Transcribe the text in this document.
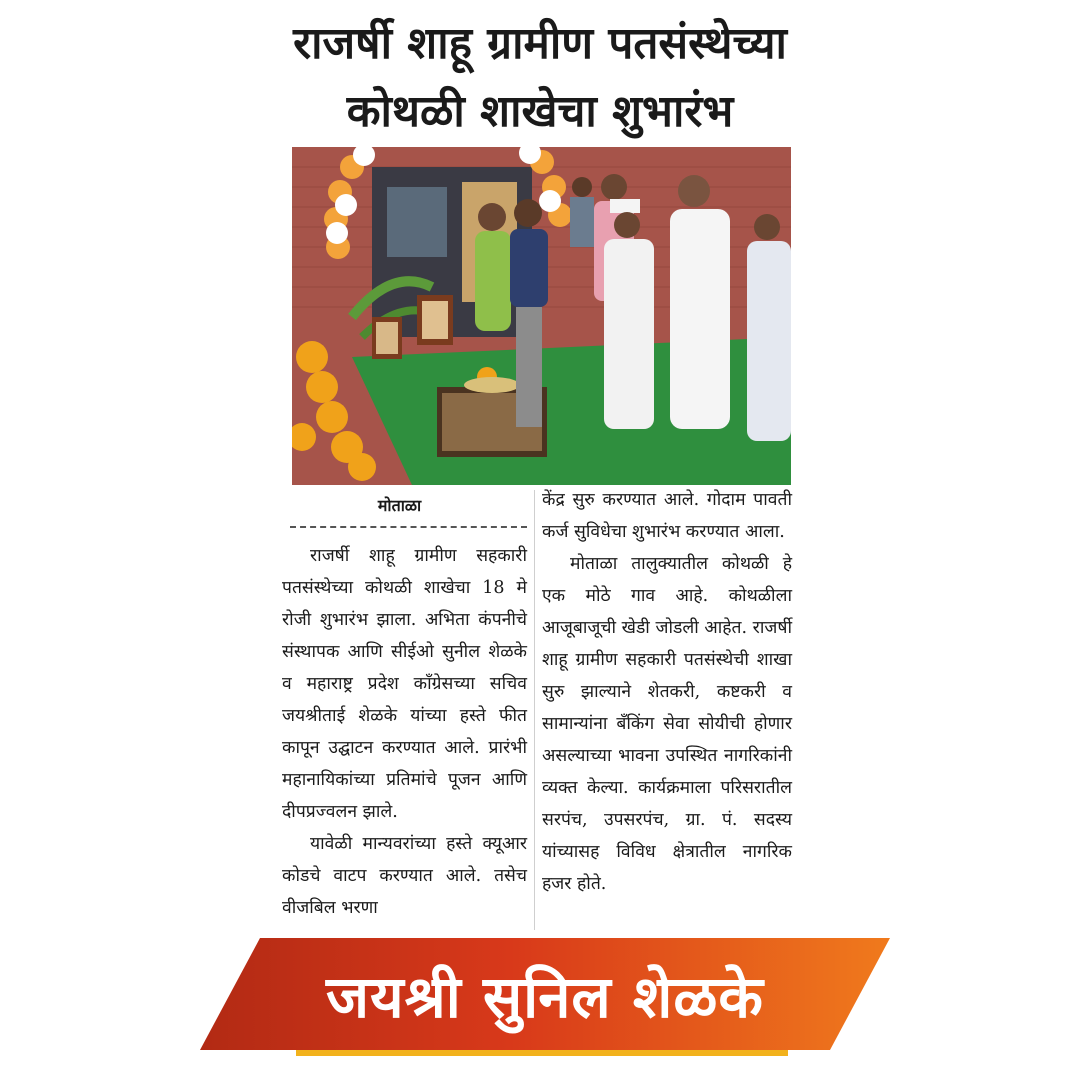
राजर्षी शाहू ग्रामीण पतसंस्थेच्या
कोथळी शाखेचा शुभारंभ
मोताळा

राजर्षी शाहू ग्रामीण सहकारी पतसंस्थेच्या कोथळी शाखेचा 18 मे रोजी शुभारंभ झाला. अभिता कंपनीचे संस्थापक आणि सीईओ सुनील शेळके व महाराष्ट्र प्रदेश काँग्रेसच्या सचिव जयश्रीताई शेळके यांच्या हस्ते फीत कापून उद्घाटन करण्यात आले. प्रारंभी महानायिकांच्या प्रतिमांचे पूजन आणि दीपप्रज्वलन झाले.

यावेळी मान्यवरांच्या हस्ते क्यूआर कोडचे वाटप करण्यात आले. तसेच वीजबिल भरणा

केंद्र सुरु करण्यात आले. गोदाम पावती कर्ज सुविधेचा शुभारंभ करण्यात आला.

मोताळा तालुक्यातील कोथळी हे एक मोठे गाव आहे. कोथळीला आजूबाजूची खेडी जोडली आहेत. राजर्षी शाहू ग्रामीण सहकारी पतसंस्थेची शाखा सुरु झाल्याने शेतकरी, कष्टकरी व सामान्यांना बँकिंग सेवा सोयीची होणार असल्याच्या भावना उपस्थित नागरिकांनी व्यक्त केल्या. कार्यक्रमाला परिसरातील सरपंच, उपसरपंच, ग्रा. पं. सदस्य यांच्यासह विविध क्षेत्रातील नागरिक हजर होते.

जयश्री सुनिल शेळके
